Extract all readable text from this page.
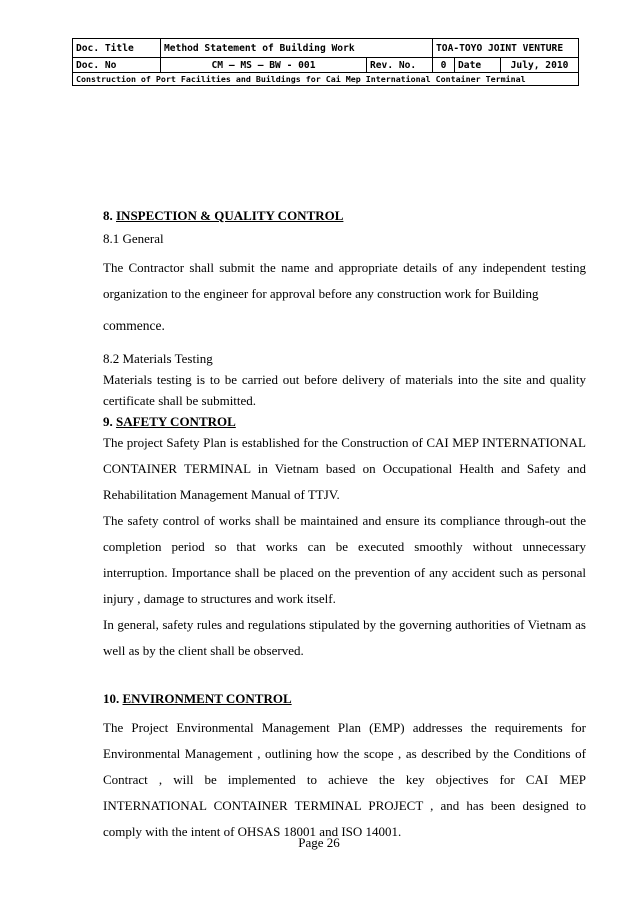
Doc. Title	Method Statement of Building Work		TOA-TOYO JOINT VENTURE		
Doc. No	CM – MS – BW - 001	Rev. No.	0	Date	July, 2010
Construction of Port Facilities and Buildings for Cai Mep International Container Terminal					

8. INSPECTION & QUALITY CONTROL

8.1 General

The Contractor shall submit the name and appropriate details of any independent testing organization to the engineer for approval before any construction work for Building

commence.

8.2 Materials Testing

Materials testing is to be carried out before delivery of materials into the site and quality certificate shall be submitted.

9. SAFETY CONTROL

The project Safety Plan is established for the Construction of CAI MEP INTERNATIONAL CONTAINER TERMINAL in Vietnam based on Occupational Health and Safety and Rehabilitation Management Manual of TTJV.

The safety control of works shall be maintained and ensure its compliance through-out the completion period so that works can be executed smoothly without unnecessary interruption. Importance shall be placed on the prevention of any accident such as personal injury , damage to structures and work itself.

In general, safety rules and regulations stipulated by the governing authorities of Vietnam as well as by the client shall be observed.

10. ENVIRONMENT CONTROL

The Project Environmental Management Plan (EMP) addresses the requirements for Environmental Management , outlining how the scope , as described by the Conditions of Contract , will be implemented to achieve the key objectives for CAI MEP INTERNATIONAL CONTAINER TERMINAL PROJECT , and has been designed to comply with the intent of OHSAS 18001 and ISO 14001.

Page 26
